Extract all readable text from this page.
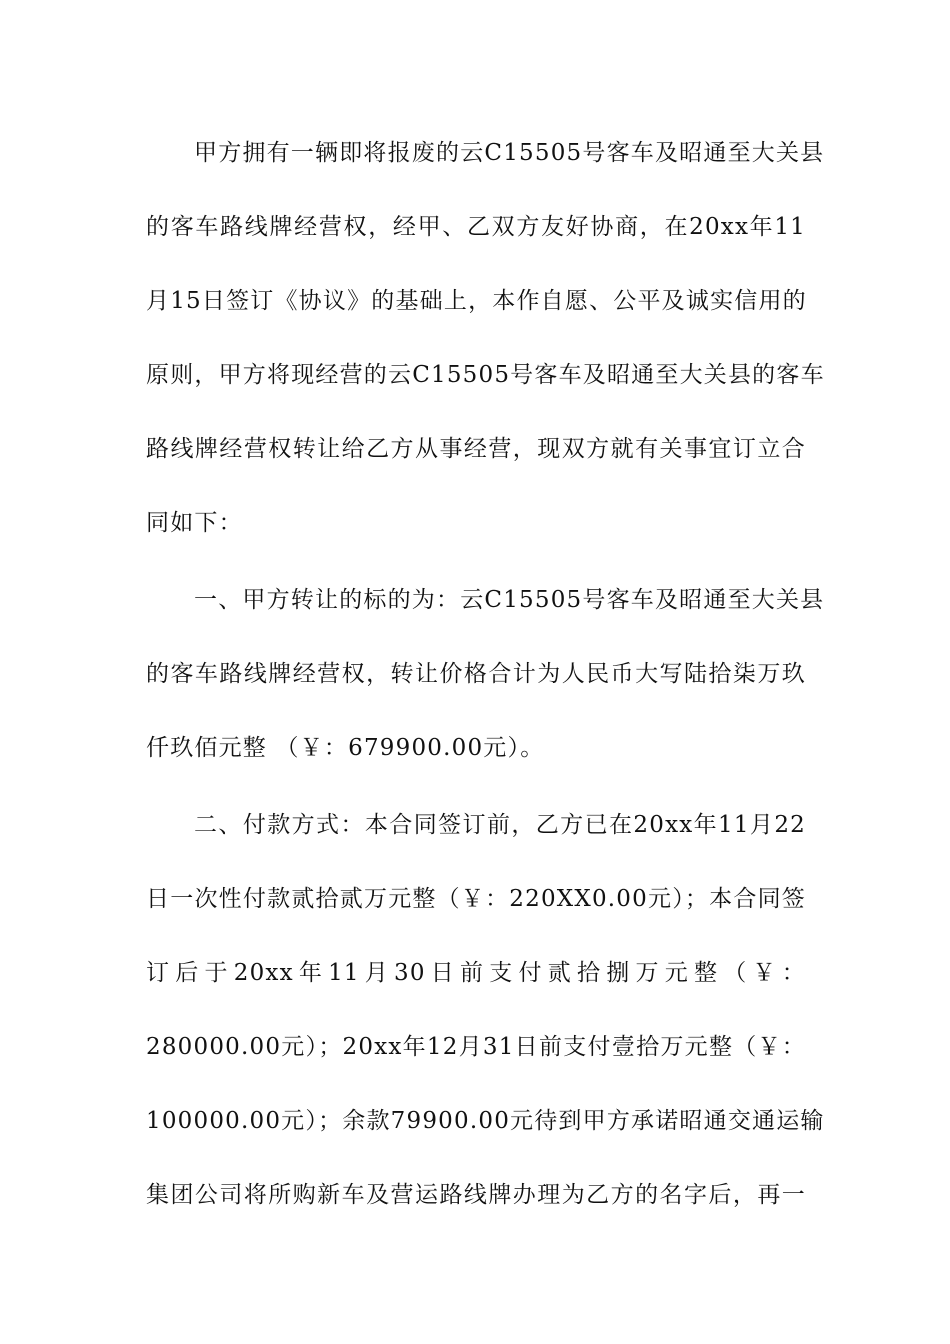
甲方拥有一辆即将报废的云C15505号客车及昭通至大关县
的客车路线牌经营权，经甲、乙双方友好协商，在20xx年11
月15日签订《协议》的基础上，本作自愿、公平及诚实信用的
原则，甲方将现经营的云C15505号客车及昭通至大关县的客车
路线牌经营权转让给乙方从事经营，现双方就有关事宜订立合
同如下：
一、甲方转让的标的为：云C15505号客车及昭通至大关县
的客车路线牌经营权，转让价格合计为人民币大写陆拾柒万玖
仟玖佰元整 （￥：679900.00元）。
二、付款方式：本合同签订前，乙方已在20xx年11月22
日一次性付款贰拾贰万元整（￥：220XX0.00元）；本合同签
订后于20xx年11月30日前支付贰拾捌万元整（￥：
280000.00元）；20xx年12月31日前支付壹拾万元整（￥：
100000.00元）；余款79900.00元待到甲方承诺昭通交通运输
集团公司将所购新车及营运路线牌办理为乙方的名字后，再一
